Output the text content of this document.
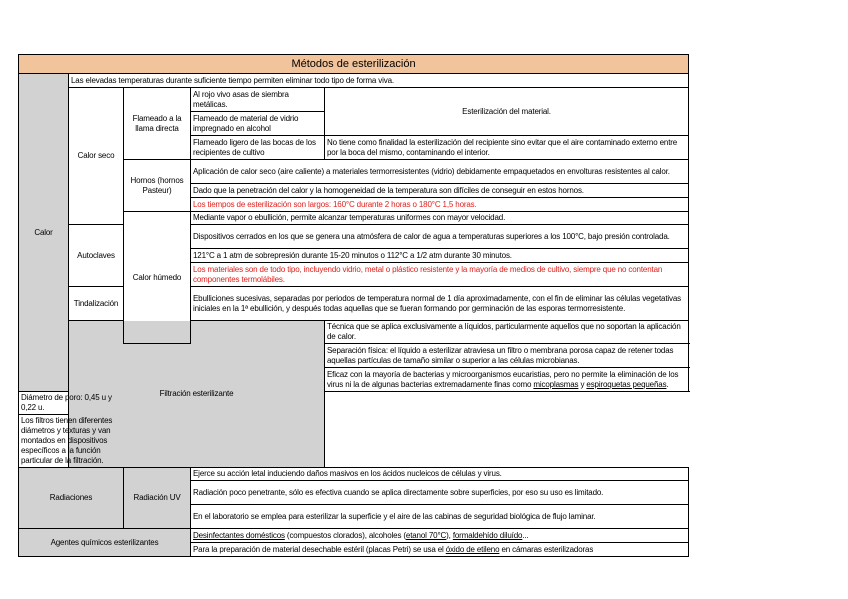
Métodos de esterilización				
Calor	Las elevadas temperaturas durante suficiente tiempo permiten eliminar todo tipo de forma viva.			
	Calor seco	Flameado a la llama directa	Al rojo vivo asas de siembra metálicas.	Esterilización del material.
			Flameado de material de vidrio impregnado en alcohol	
			Flameado ligero de las bocas de los recipientes de cultivo	No tiene como finalidad la esterilización del recipiente sino evitar que el aire contaminado externo entre por la boca del mismo, contaminando el interior.
		Hornos (hornos Pasteur)	Aplicación de calor seco (aire caliente) a materiales termorresistentes (vidrio) debidamente empaquetados en envolturas resistentes al calor.	
			Dado que la penetración del calor y la homogeneidad de la temperatura son difíciles de conseguir en estos hornos.	
			Los tiempos de esterilización son largos: 160°C durante 2 horas o 180°C 1,5 horas.	
		Calor húmedo	Mediante vapor o ebullición, permite alcanzar temperaturas uniformes con mayor velocidad.	
	Autoclaves		Dispositivos cerrados en los que se genera una atmósfera de calor de agua a temperaturas superiores a los 100°C, bajo presión controlada.	
			121°C a 1 atm de sobrepresión durante 15-20 minutos o 112°C a 1/2 atm durante 30 minutos.	
			Los materiales son de todo tipo, incluyendo vidrio, metal o plástico resistente y la mayoría de medios de cultivo, siempre que no contentan componentes termolábiles.	
	Tindalización		Ebulliciones sucesivas, separadas por periodos de temperatura normal de 1 día aproximadamente, con el fin de eliminar las células vegetativas iniciales en la 1ª ebullición, y después todas aquellas que se fueran formando por germinación de las esporas termorresistente.	
	Filtración esterilizante			Técnica que se aplica exclusivamente a líquidos, particularmente aquellos que no soportan la aplicación de calor.
				Separación física: el líquido a esterilizar atraviesa un filtro o membrana porosa capaz de retener todas aquellas partículas de tamaño similar o superior a las células microbianas.
				Eficaz con la mayoría de bacterias y microorganismos eucaristias, pero no permite la eliminación de los virus ni la de algunas bacterias extremadamente finas como micoplasmas y espiroquetas pequeñas.
Diámetro de poro: 0,45 u y 0,22 u.				
Los filtros tienen diferentes diámetros y texturas y van montados en dispositivos específicos a la función particular de la filtración.				
Radiaciones		Radiación UV	Ejerce su acción letal induciendo daños masivos en los ácidos nucleicos de células y virus.	
			Radiación poco penetrante, sólo es efectiva cuando se aplica directamente sobre superficies, por eso su uso es limitado.	
			En el laboratorio se emplea para esterilizar la superficie y el aire de las cabinas de seguridad biológica de flujo laminar.	
Agentes químicos esterilizantes			Desinfectantes domésticos (compuestos clorados), alcoholes (etanol 70°C), formaldehído diluído...	
			Para la preparación de material desechable estéril (placas Petri) se usa el óxido de etileno en cámaras esterilizadoras	
